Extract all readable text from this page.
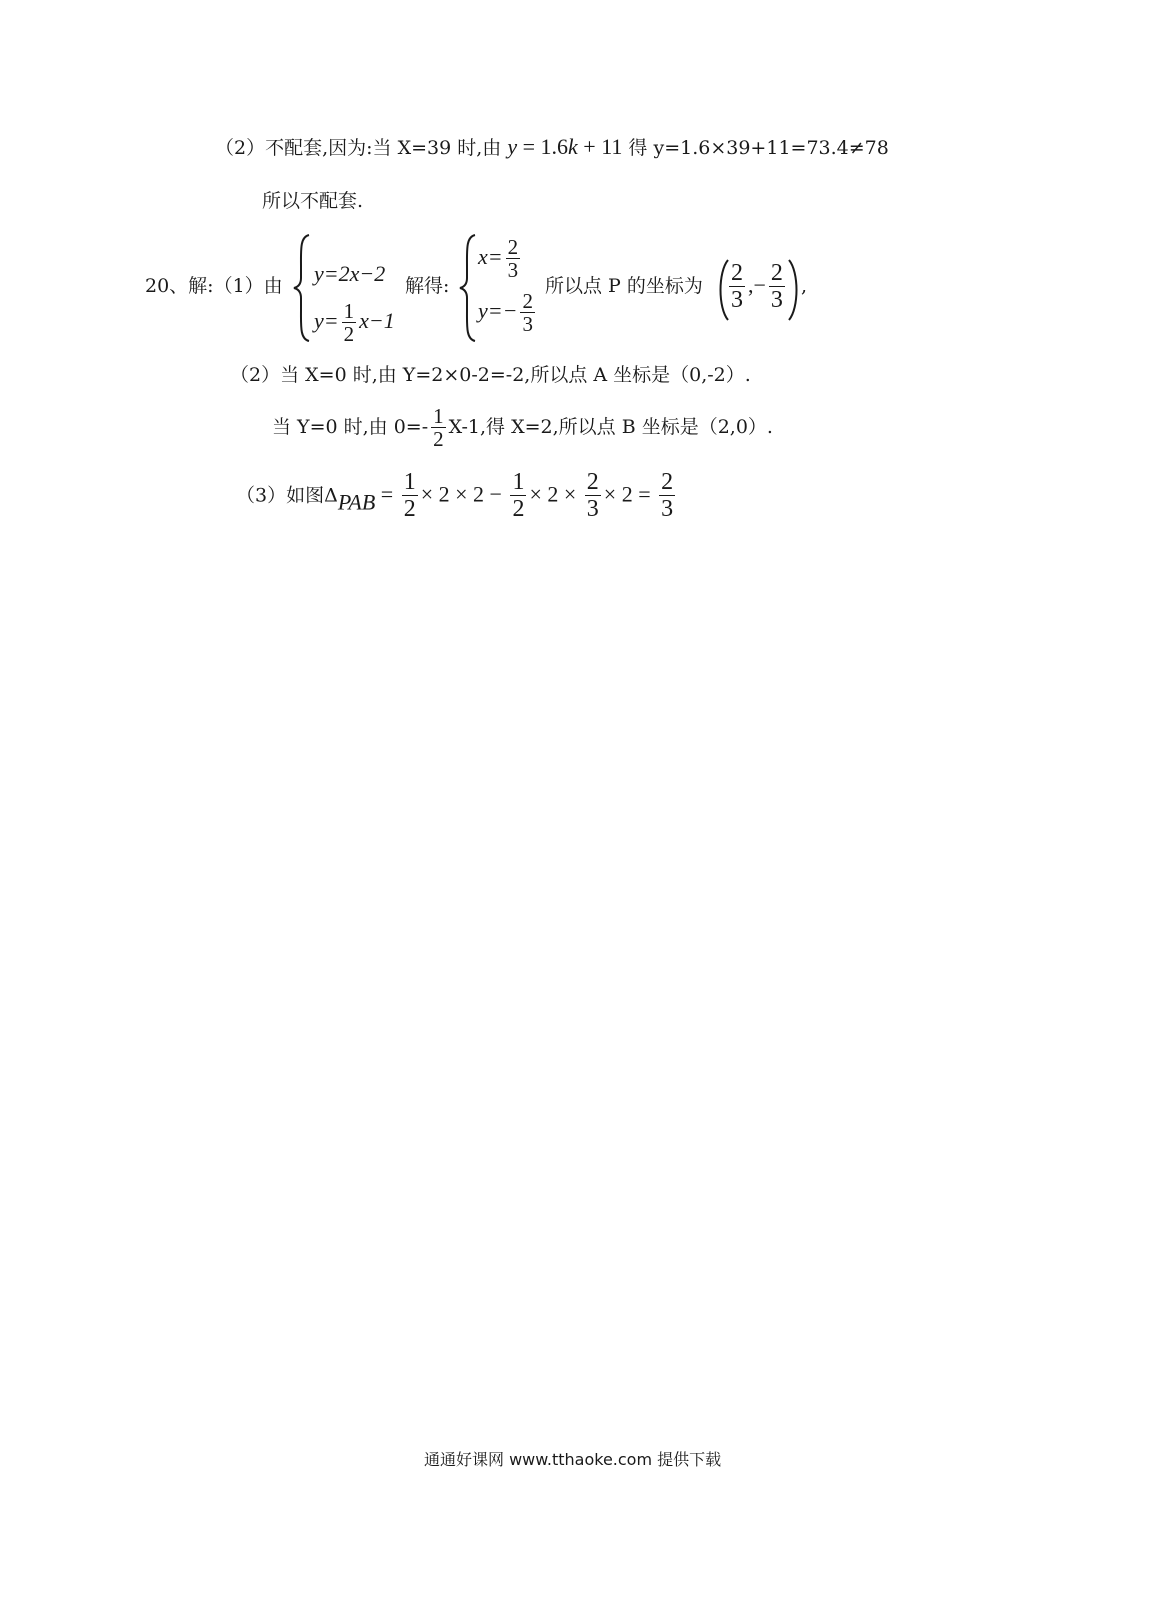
（2）不配套,因为:当 X=39 时,由 y = 1.6k + 11 得 y=1.6×39+11=73.4≠78
所以不配套.
20、解:（1）由 y=2x−2
$y= \frac{1}{2} x-1$
解得:
$x= \frac{2}{3}$
$y=- \frac{2}{3}$
所以点 P 的坐标为 $\frac{2}{3}$ ,− $\frac{2}{3}$ ,
（2）当 X=0 时,由 Y=2×0-2=-2,所以点 A 坐标是（0,-2）.
当 Y=0 时,由 $0=- \frac{1}{2} X-1$,得 X=2,所以点 B 坐标是（2,0）.
（3）如图$\Delta PAB = \frac{1}{2} \times 2 \times 2 - \frac{1}{2} \times 2 \times \frac{2}{3} \times 2 = \frac{2}{3}$
通通好课网 www.tthaoke.com 提供下载
